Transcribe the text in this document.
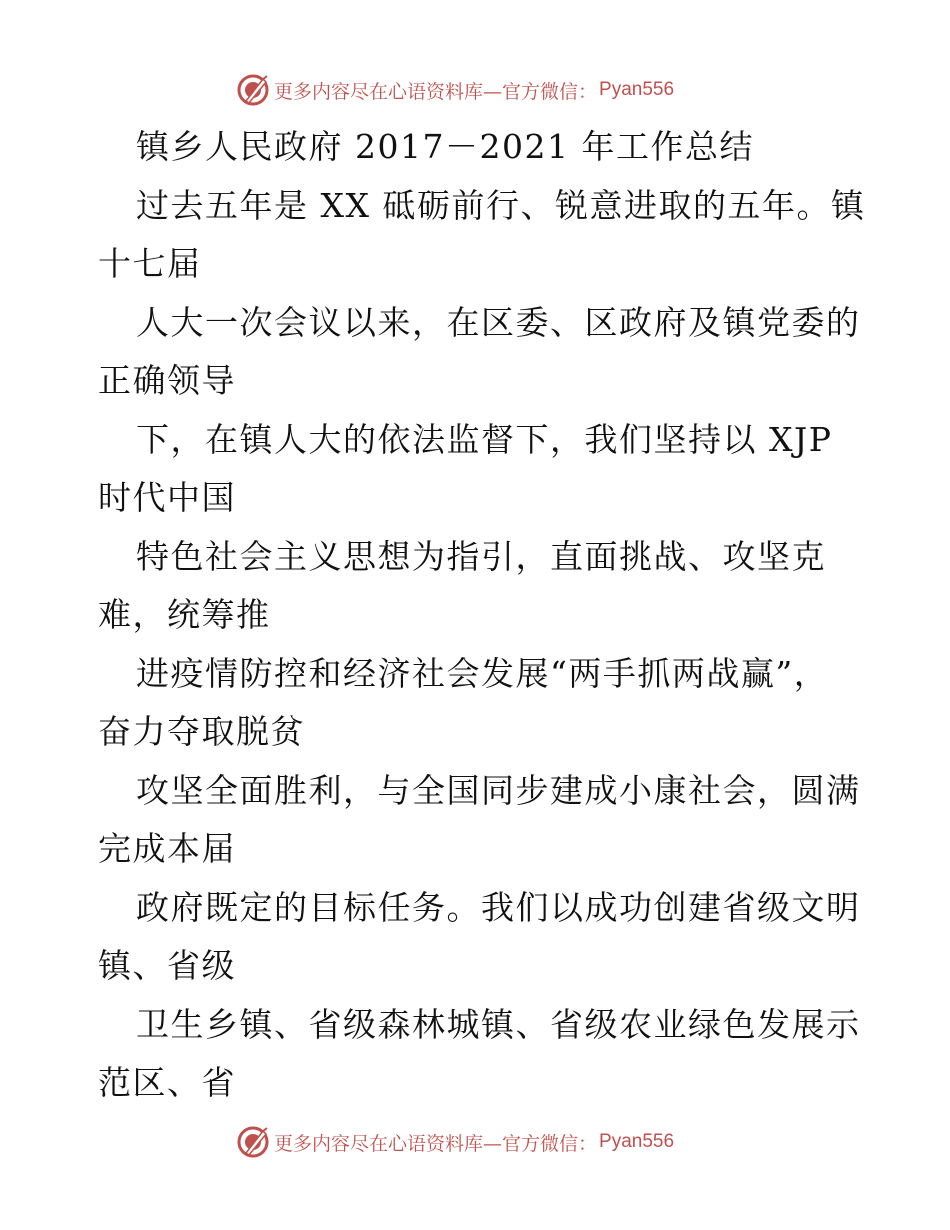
更多内容尽在心语资料库—官方微信： Pyan556
镇乡人民政府 2017－2021 年工作总结
过去五年是 XX 砥砺前行、锐意进取的五年。镇
十七届
人大一次会议以来，在区委、区政府及镇党委的
正确领导
下，在镇人大的依法监督下，我们坚持以 XJP
时代中国
特色社会主义思想为指引，直面挑战、攻坚克
难，统筹推
进疫情防控和经济社会发展“两手抓两战赢”，
奋力夺取脱贫
攻坚全面胜利，与全国同步建成小康社会，圆满
完成本届
政府既定的目标任务。我们以成功创建省级文明
镇、省级
卫生乡镇、省级森林城镇、省级农业绿色发展示
范区、省
更多内容尽在心语资料库—官方微信： Pyan556
